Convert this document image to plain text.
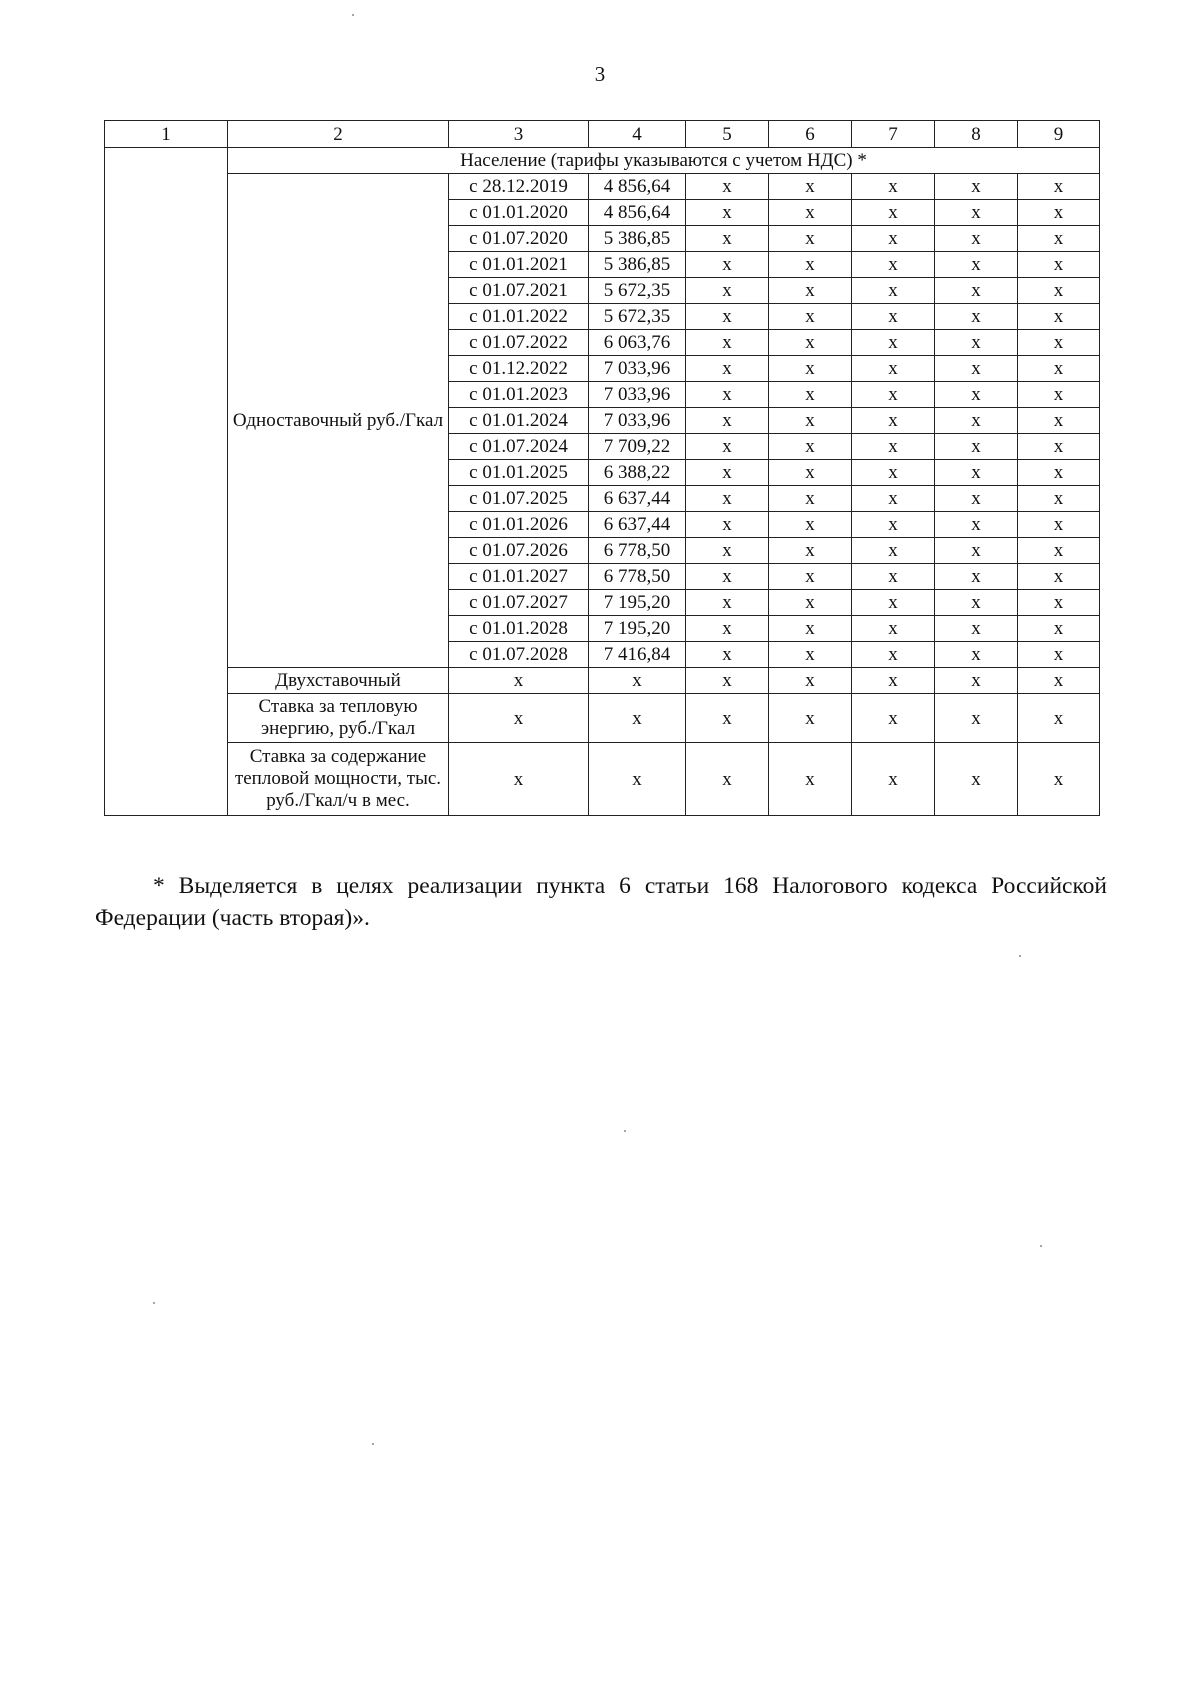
3
1	2	3	4	5	6	7	8	9
	Население (тарифы указываются с учетом НДС) *							
	Одноставочный руб./Гкал	с 28.12.2019	4 856,64	x	x	x	x	x
		с 01.01.2020	4 856,64	x	x	x	x	x
		с 01.07.2020	5 386,85	x	x	x	x	x
		с 01.01.2021	5 386,85	x	x	x	x	x
		с 01.07.2021	5 672,35	x	x	x	x	x
		с 01.01.2022	5 672,35	x	x	x	x	x
		с 01.07.2022	6 063,76	x	x	x	x	x
		с 01.12.2022	7 033,96	x	x	x	x	x
		с 01.01.2023	7 033,96	x	x	x	x	x
		с 01.01.2024	7 033,96	x	x	x	x	x
		с 01.07.2024	7 709,22	x	x	x	x	x
		с 01.01.2025	6 388,22	x	x	x	x	x
		с 01.07.2025	6 637,44	x	x	x	x	x
		с 01.01.2026	6 637,44	x	x	x	x	x
		с 01.07.2026	6 778,50	x	x	x	x	x
		с 01.01.2027	6 778,50	x	x	x	x	x
		с 01.07.2027	7 195,20	x	x	x	x	x
		с 01.01.2028	7 195,20	x	x	x	x	x
		с 01.07.2028	7 416,84	x	x	x	x	x
	Двухставочный	x	x	x	x	x	x	x
	Ставка за тепловую энергию, руб./Гкал	x	x	x	x	x	x	x
	Ставка за содержание тепловой мощности, тыс. руб./Гкал/ч в мес.	x	x	x	x	x	x	x
* Выделяется в целях реализации пункта 6 статьи 168 Налогового кодекса Российской Федерации (часть вторая)».
